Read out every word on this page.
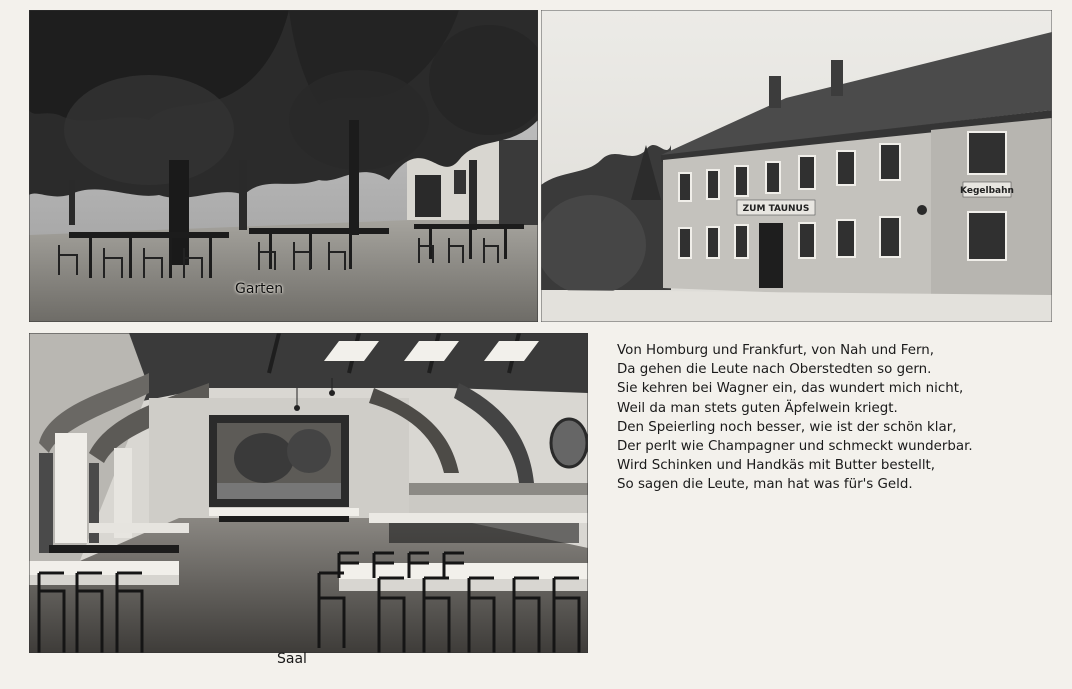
Garten
ZUM TAUNUS
Kegelbahn
Saal
Von Homburg und Frankfurt, von Nah und Fern,
Da gehen die Leute nach Oberstedten so gern.
Sie kehren bei Wagner ein, das wundert mich nicht,
Weil da man stets guten Äpfelwein kriegt.
Den Speierling noch besser, wie ist der schön klar,
Der perlt wie Champagner und schmeckt wunderbar.
Wird Schinken und Handkäs mit Butter bestellt,
So sagen die Leute, man hat was für's Geld.
